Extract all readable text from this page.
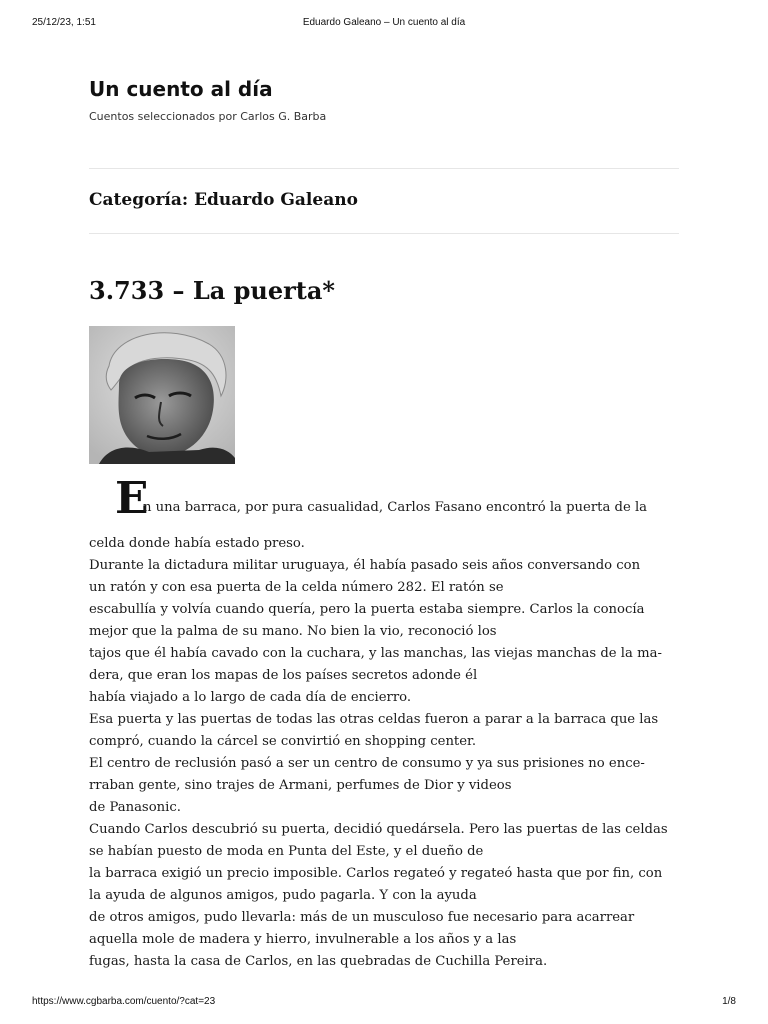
25/12/23, 1:51	Eduardo Galeano – Un cuento al día
Un cuento al día
Cuentos seleccionados por Carlos G. Barba
Categoría: Eduardo Galeano
3.733 – La puerta*
E
n una barraca, por pura casualidad, Carlos Fasano encontró la puerta de la
celda donde había estado preso.
Durante la dictadura militar uruguaya, él había pasado seis años conversando con
un ratón y con esa puerta de la celda número 282. El ratón se
escabullía y volvía cuando quería, pero la puerta estaba siempre. Carlos la conocía
mejor que la palma de su mano. No bien la vio, reconoció los
tajos que él había cavado con la cuchara, y las manchas, las viejas manchas de la ma-
dera, que eran los mapas de los países secretos adonde él
había viajado a lo largo de cada día de encierro.
Esa puerta y las puertas de todas las otras celdas fueron a parar a la barraca que las
compró, cuando la cárcel se convirtió en shopping center.
El centro de reclusión pasó a ser un centro de consumo y ya sus prisiones no ence-
rraban gente, sino trajes de Armani, perfumes de Dior y videos
de Panasonic.
Cuando Carlos descubrió su puerta, decidió quedársela. Pero las puertas de las celdas
se habían puesto de moda en Punta del Este, y el dueño de
la barraca exigió un precio imposible. Carlos regateó y regateó hasta que por fin, con
la ayuda de algunos amigos, pudo pagarla. Y con la ayuda
de otros amigos, pudo llevarla: más de un musculoso fue necesario para acarrear
aquella mole de madera y hierro, invulnerable a los años y a las
fugas, hasta la casa de Carlos, en las quebradas de Cuchilla Pereira.
https://www.cgbarba.com/cuento/?cat=23	1/8
